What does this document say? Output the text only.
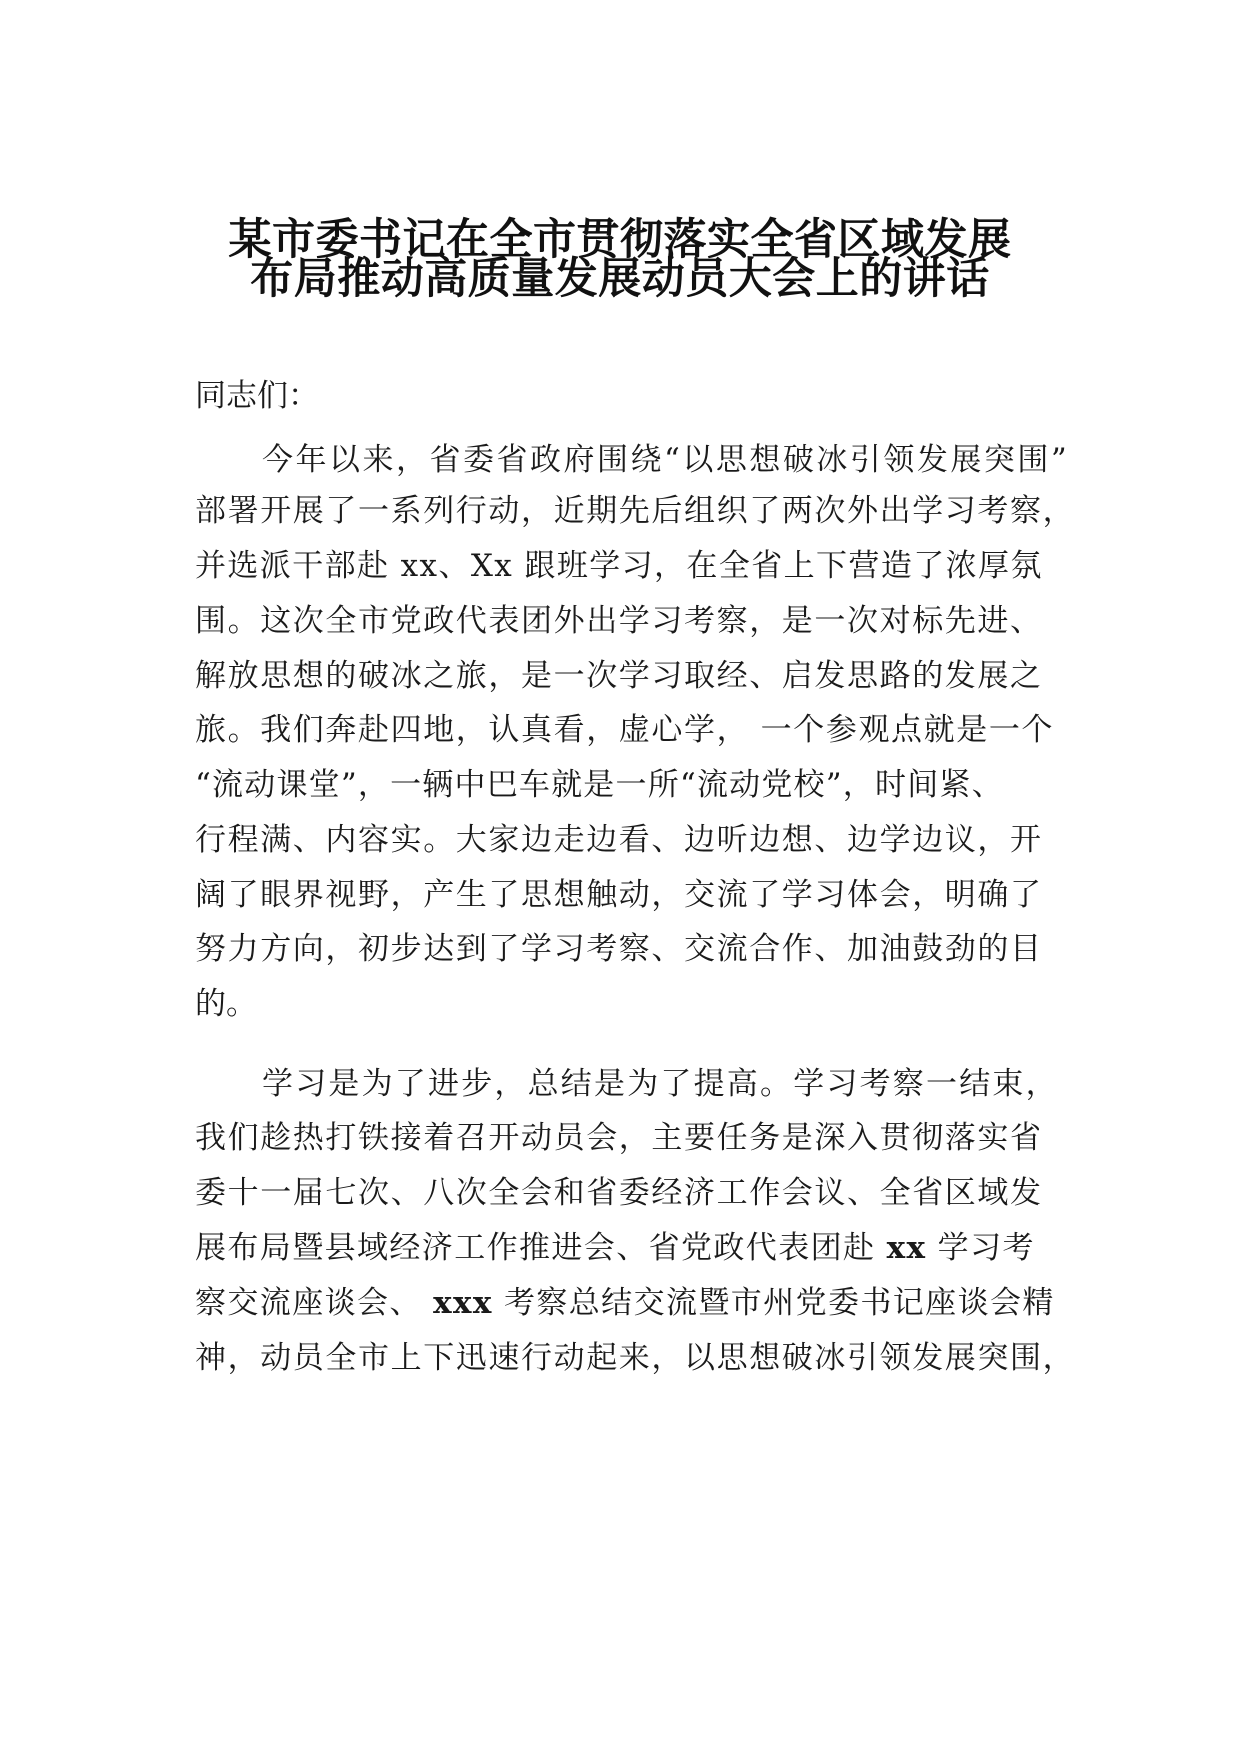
某市委书记在全市贯彻落实全省区域发展
布局推动高质量发展动员大会上的讲话
同志们：
今年以来，省委省政府围绕“以思想破冰引领发展突围”
部署开展了一系列行动，近期先后组织了两次外出学习考察，
并选派干部赴 xx、Xx 跟班学习，在全省上下营造了浓厚氛
围。这次全市党政代表团外出学习考察，是一次对标先进、
解放思想的破冰之旅，是一次学习取经、启发思路的发展之
旅。我们奔赴四地，认真看，虚心学， 一个参观点就是一个
“流动课堂”，一辆中巴车就是一所“流动党校”，时间紧、
行程满、内容实。大家边走边看、边听边想、边学边议，开
阔了眼界视野，产生了思想触动，交流了学习体会，明确了
努力方向，初步达到了学习考察、交流合作、加油鼓劲的目
的。
学习是为了进步，总结是为了提高。学习考察一结束，
我们趁热打铁接着召开动员会，主要任务是深入贯彻落实省
委十一届七次、八次全会和省委经济工作会议、全省区域发
展布局暨县域经济工作推进会、省党政代表团赴 xx 学习考
察交流座谈会、 xxx 考察总结交流暨市州党委书记座谈会精
神，动员全市上下迅速行动起来，以思想破冰引领发展突围，
